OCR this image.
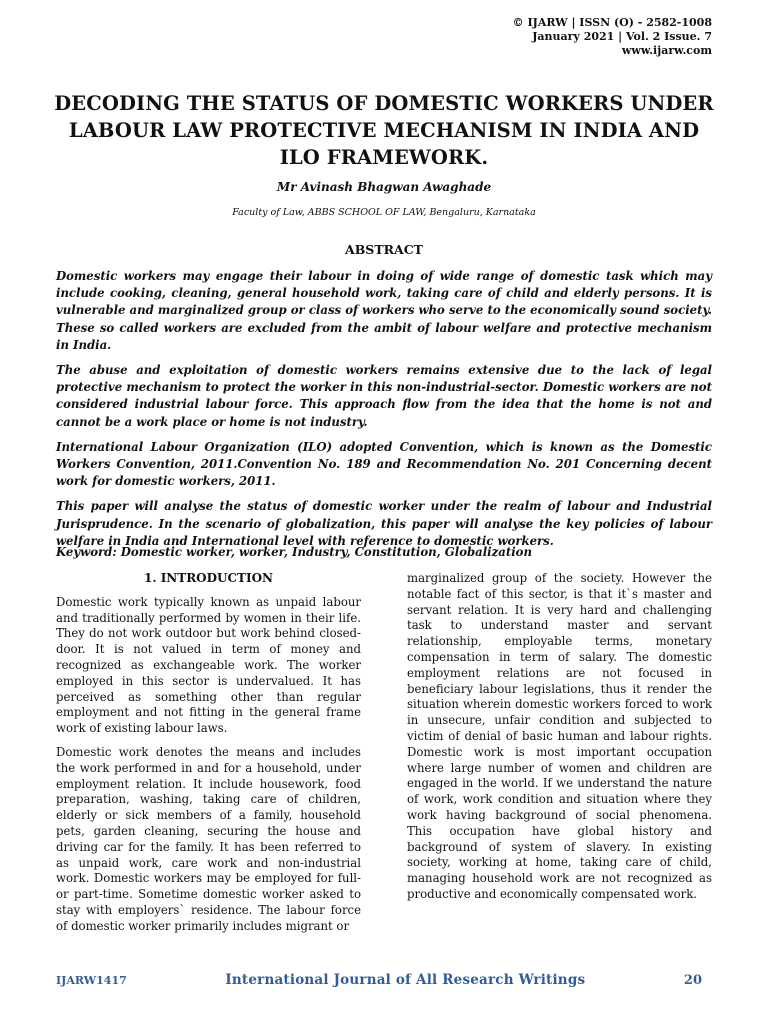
© IJARW | ISSN (O) - 2582-1008
January 2021 | Vol. 2 Issue. 7
www.ijarw.com
DECODING THE STATUS OF DOMESTIC WORKERS UNDER LABOUR LAW PROTECTIVE MECHANISM IN INDIA AND ILO FRAMEWORK.
Mr Avinash Bhagwan Awaghade
Faculty of Law, ABBS SCHOOL OF LAW, Bengaluru, Karnataka
ABSTRACT

Domestic workers may engage their labour in doing of wide range of domestic task which may include cooking, cleaning, general household work, taking care of child and elderly persons. It is vulnerable and marginalized group or class of workers who serve to the economically sound society. These so called workers are excluded from the ambit of labour welfare and protective mechanism in India.

The abuse and exploitation of domestic workers remains extensive due to the lack of legal protective mechanism to protect the worker in this non-industrial-sector. Domestic workers are not considered industrial labour force. This approach flow from the idea that the home is not and cannot be a work place or home is not industry.

International Labour Organization (ILO) adopted Convention, which is known as the Domestic Workers Convention, 2011.Convention No. 189 and Recommendation No. 201 Concerning decent work for domestic workers, 2011.

This paper will analyse the status of domestic worker under the realm of labour and Industrial Jurisprudence. In the scenario of globalization, this paper will analyse the key policies of labour welfare in India and International level with reference to domestic workers.

Keyword: Domestic worker, worker, Industry, Constitution, Globalization
1. INTRODUCTION

Domestic work typically known as unpaid labour and traditionally performed by women in their life. They do not work outdoor but work behind closed-door. It is not valued in term of money and recognized as exchangeable work. The worker employed in this sector is undervalued. It has perceived as something other than regular employment and not fitting in the general frame work of existing labour laws.

Domestic work denotes the means and includes the work performed in and for a household, under employment relation. It include housework, food preparation, washing, taking care of children, elderly or sick members of a family, household pets, garden cleaning, securing the house and driving car for the family. It has been referred to as unpaid work, care work and non-industrial work. Domestic workers may be employed for full- or part-time. Sometime domestic worker asked to stay with employers` residence. The labour force of domestic worker primarily includes migrant or

marginalized group of the society. However the notable fact of this sector, is that it`s master and servant relation. It is very hard and challenging task to understand master and servant relationship, employable terms, monetary compensation in term of salary. The domestic employment relations are not focused in beneficiary labour legislations, thus it render the situation wherein domestic workers forced to work in unsecure, unfair condition and subjected to victim of denial of basic human and labour rights. Domestic work is most important occupation where large number of women and children are engaged in the world. If we understand the nature of work, work condition and situation where they work having background of social phenomena. This occupation have global history and background of system of slavery. In existing society, working at home, taking care of child, managing household work are not recognized as productive and economically compensated work.

IJARW1417	International Journal of All Research Writings	20
